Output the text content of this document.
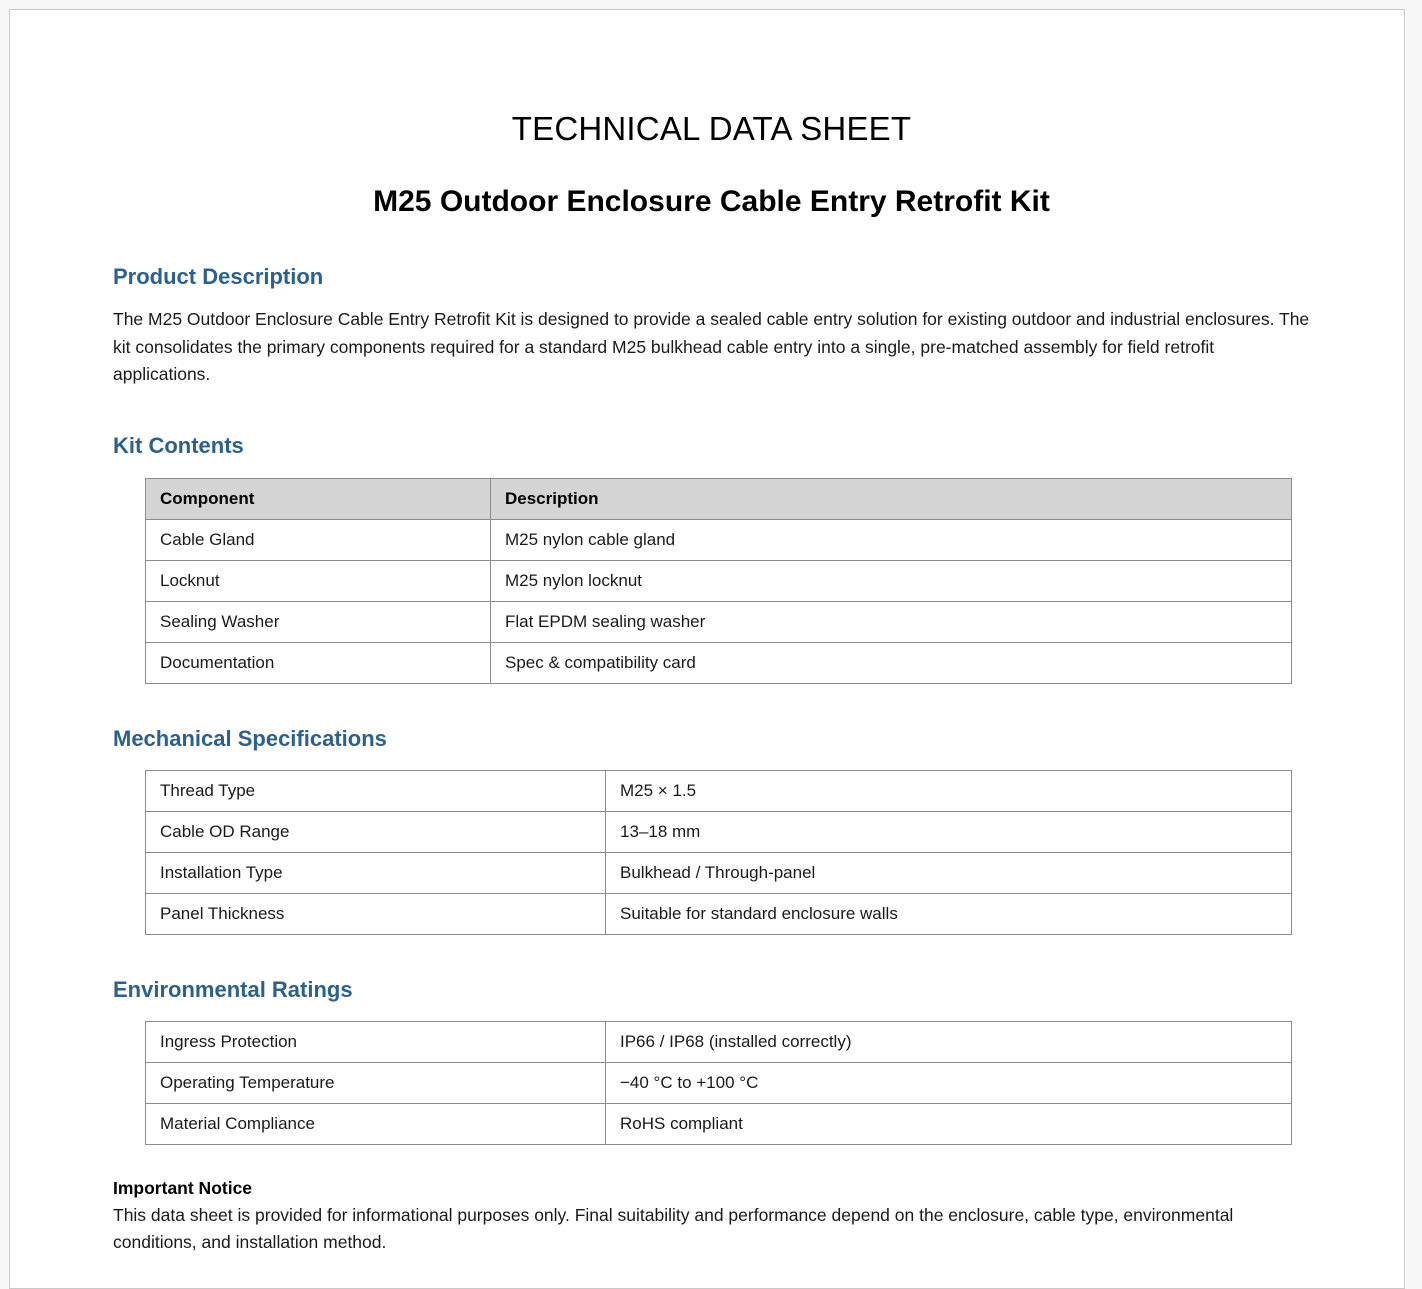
TECHNICAL DATA SHEET
M25 Outdoor Enclosure Cable Entry Retrofit Kit
Product Description

The M25 Outdoor Enclosure Cable Entry Retrofit Kit is designed to provide a sealed cable entry solution for existing outdoor and industrial enclosures. The kit consolidates the primary components required for a standard M25 bulkhead cable entry into a single, pre-matched assembly for field retrofit applications.

Kit Contents
Component	Description
Cable Gland	M25 nylon cable gland
Locknut	M25 nylon locknut
Sealing Washer	Flat EPDM sealing washer
Documentation	Spec & compatibility card
Mechanical Specifications
Thread Type	M25 × 1.5
Cable OD Range	13–18 mm
Installation Type	Bulkhead / Through-panel
Panel Thickness	Suitable for standard enclosure walls
Environmental Ratings
Ingress Protection	IP66 / IP68 (installed correctly)
Operating Temperature	−40 °C to +100 °C
Material Compliance	RoHS compliant

Important Notice

This data sheet is provided for informational purposes only. Final suitability and performance depend on the enclosure, cable type, environmental conditions, and installation method.
